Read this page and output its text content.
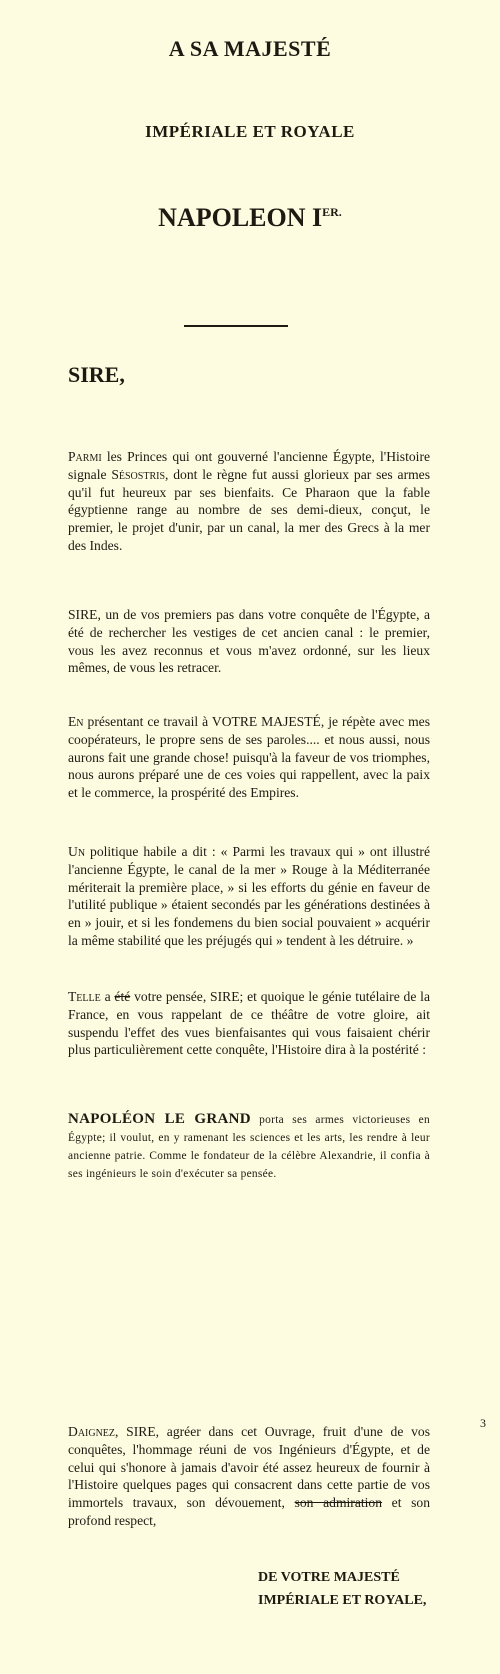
A SA MAJESTÉ
IMPÉRIALE ET ROYALE
NAPOLEON $I^{ER.}$
SIRE,

Parmi les Princes qui ont gouverné l'ancienne Égypte, l'Histoire signale Sésostris, dont le règne fut aussi glorieux par ses armes qu'il fut heureux par ses bienfaits. Ce Pharaon que la fable égyptienne range au nombre de ses demi-dieux, conçut, le premier, le projet d'unir, par un canal, la mer des Grecs à la mer des Indes.

SIRE, un de vos premiers pas dans votre conquête de l'Égypte, a été de rechercher les vestiges de cet ancien canal : le premier, vous les avez reconnus et vous m'avez ordonné, sur les lieux mêmes, de vous les retracer.

En présentant ce travail à VOTRE MAJESTÉ, je répète avec mes coopérateurs, le propre sens de ses paroles.... et nous aussi, nous aurons fait une grande chose! puisqu'à la faveur de vos triomphes, nous aurons préparé une de ces voies qui rappellent, avec la paix et le commerce, la prospérité des Empires.

Un politique habile a dit : « Parmi les travaux qui » ont illustré l'ancienne Égypte, le canal de la mer » Rouge à la Méditerranée mériterait la première place, » si les efforts du génie en faveur de l'utilité publique » étaient secondés par les générations destinées à en » jouir, et si les fondemens du bien social pouvaient » acquérir la même stabilité que les préjugés qui » tendent à les détruire. »

Telle a été votre pensée, SIRE; et quoique le génie tutélaire de la France, en vous rappelant de ce théâtre de votre gloire, ait suspendu l'effet des vues bienfaisantes qui vous faisaient chérir plus particulièrement cette conquête, l'Histoire dira à la postérité :

NAPOLÉON LE GRAND porta ses armes victorieuses en Égypte; il voulut, en y ramenant les sciences et les arts, les rendre à leur ancienne patrie. Comme le fondateur de la célèbre Alexandrie, il confia à ses ingénieurs le soin d'exécuter sa pensée.

Daignez, SIRE, agréer dans cet Ouvrage, fruit d'une de vos conquêtes, l'hommage réuni de vos Ingénieurs d'Égypte, et de celui qui s'honore à jamais d'avoir été assez heureux de fournir à l'Histoire quelques pages qui consacrent dans cette partie de vos immortels travaux, son dévouement, son admiration et son profond respect,

3
DE VOTRE MAJESTÉ
IMPÉRIALE ET ROYALE,
